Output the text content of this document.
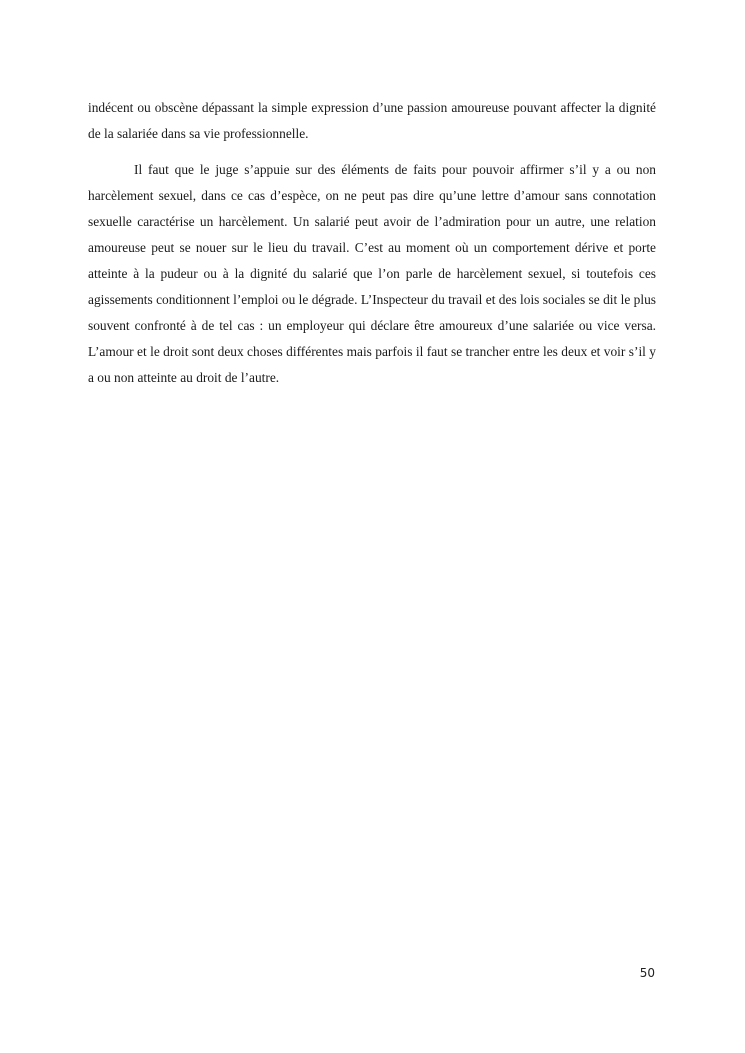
indécent ou obscène dépassant la simple expression d’une passion amoureuse pouvant affecter la dignité de la salariée dans sa vie professionnelle.

Il faut que le juge s’appuie sur des éléments de faits pour pouvoir affirmer s’il y a ou non harcèlement sexuel, dans ce cas d’espèce, on ne peut pas dire qu’une lettre d’amour sans connotation sexuelle caractérise un harcèlement. Un salarié peut avoir de l’admiration pour un autre, une relation amoureuse peut se nouer sur le lieu du travail. C’est au moment où un comportement dérive et porte atteinte à la pudeur ou à la dignité du salarié que l’on parle de harcèlement sexuel, si toutefois ces agissements conditionnent l’emploi ou le dégrade. L’Inspecteur du travail et des lois sociales se dit le plus souvent confronté à de tel cas : un employeur qui déclare être amoureux d’une salariée ou vice versa. L’amour et le droit sont deux choses différentes mais parfois il faut se trancher entre les deux et voir s’il y a ou non atteinte au droit de l’autre.

50
